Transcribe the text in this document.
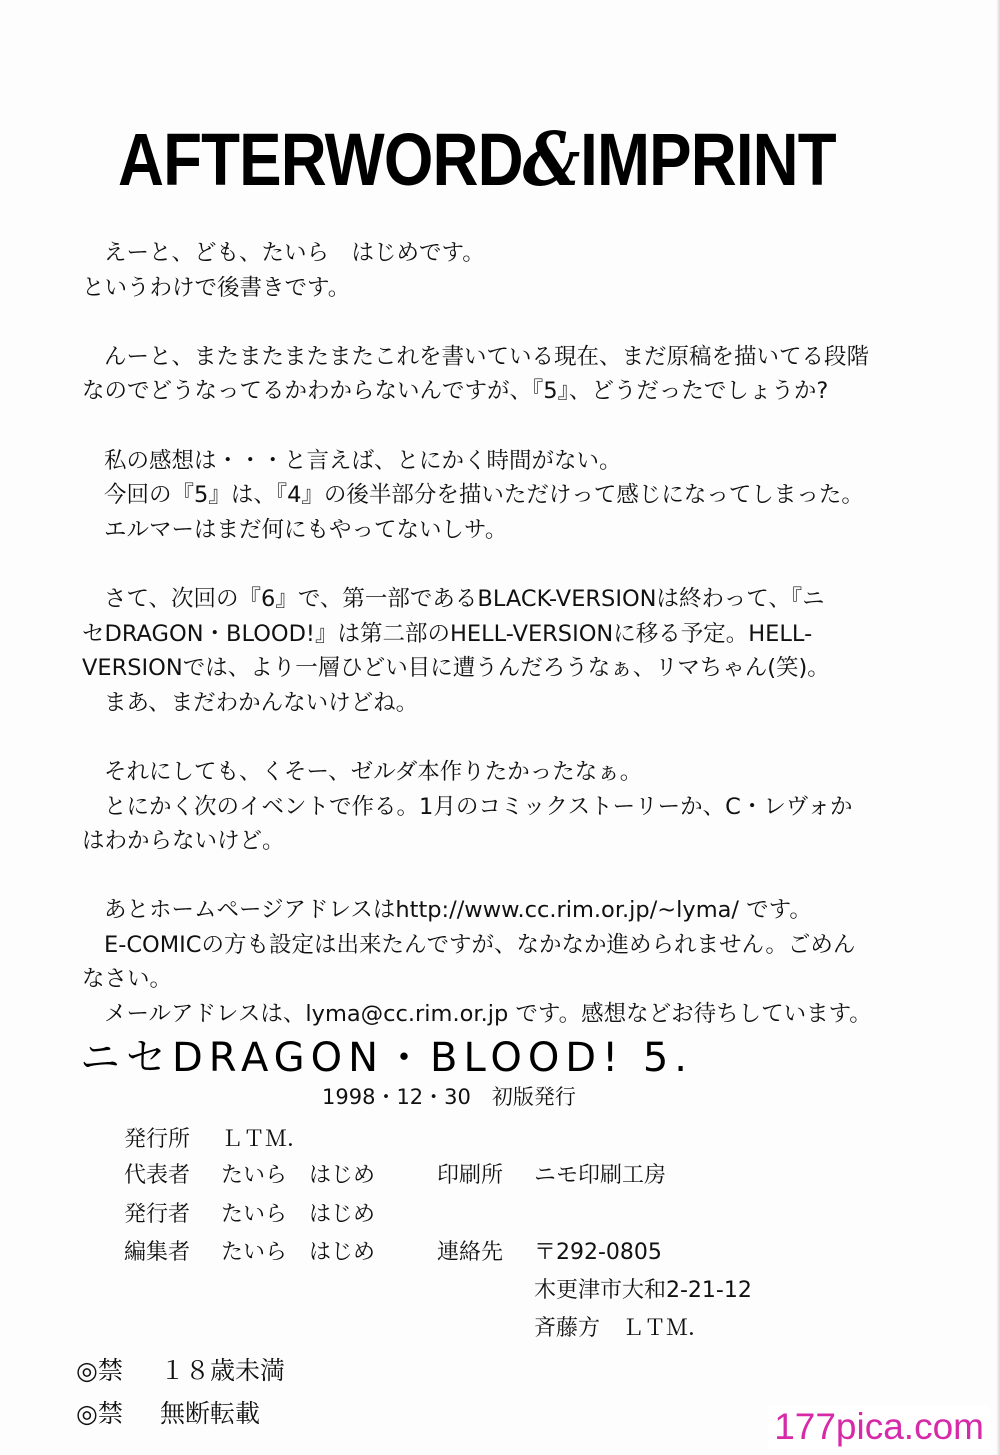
AFTERWORD&IMPRINT
えーと、ども、たいら　はじめです。
というわけで後書きです。
んーと、またまたまたまたこれを書いている現在、まだ原稿を描いてる段階
なのでどうなってるかわからないんですが、『5』、どうだったでしょうか?
私の感想は・・・と言えば、とにかく時間がない。
今回の『5』は、『4』の後半部分を描いただけって感じになってしまった。
エルマーはまだ何にもやってないしサ。
さて、次回の『6』で、第一部であるBLACK-VERSIONは終わって、『ニ
セDRAGON・BLOOD!』は第二部のHELL-VERSIONに移る予定。HELL-
VERSIONでは、より一層ひどい目に遭うんだろうなぁ、リマちゃん(笑)。
まあ、まだわかんないけどね。
それにしても、くそー、ゼルダ本作りたかったなぁ。
とにかく次のイベントで作る。1月のコミックストーリーか、C・レヴォか
はわからないけど。
あとホームページアドレスはhttp://www.cc.rim.or.jp/~lyma/ です。
E-COMICの方も設定は出来たんですが、なかなか進められません。ごめん
なさい。
メールアドレスは、lyma@cc.rim.or.jp です。感想などお待ちしています。
ニセDRAGON・BLOOD! 5.
1998・12・30　初版発行
発行所 ＬＴＭ．
代表者 たいら　はじめ	印刷所 ニモ印刷工房
発行者 たいら　はじめ
編集者 たいら　はじめ	連絡先 〒292-0805
木更津市大和2-21-12
斉藤方　ＬＴＭ．
◎禁 １８歳未満
◎禁 無断転載	177pica.com
